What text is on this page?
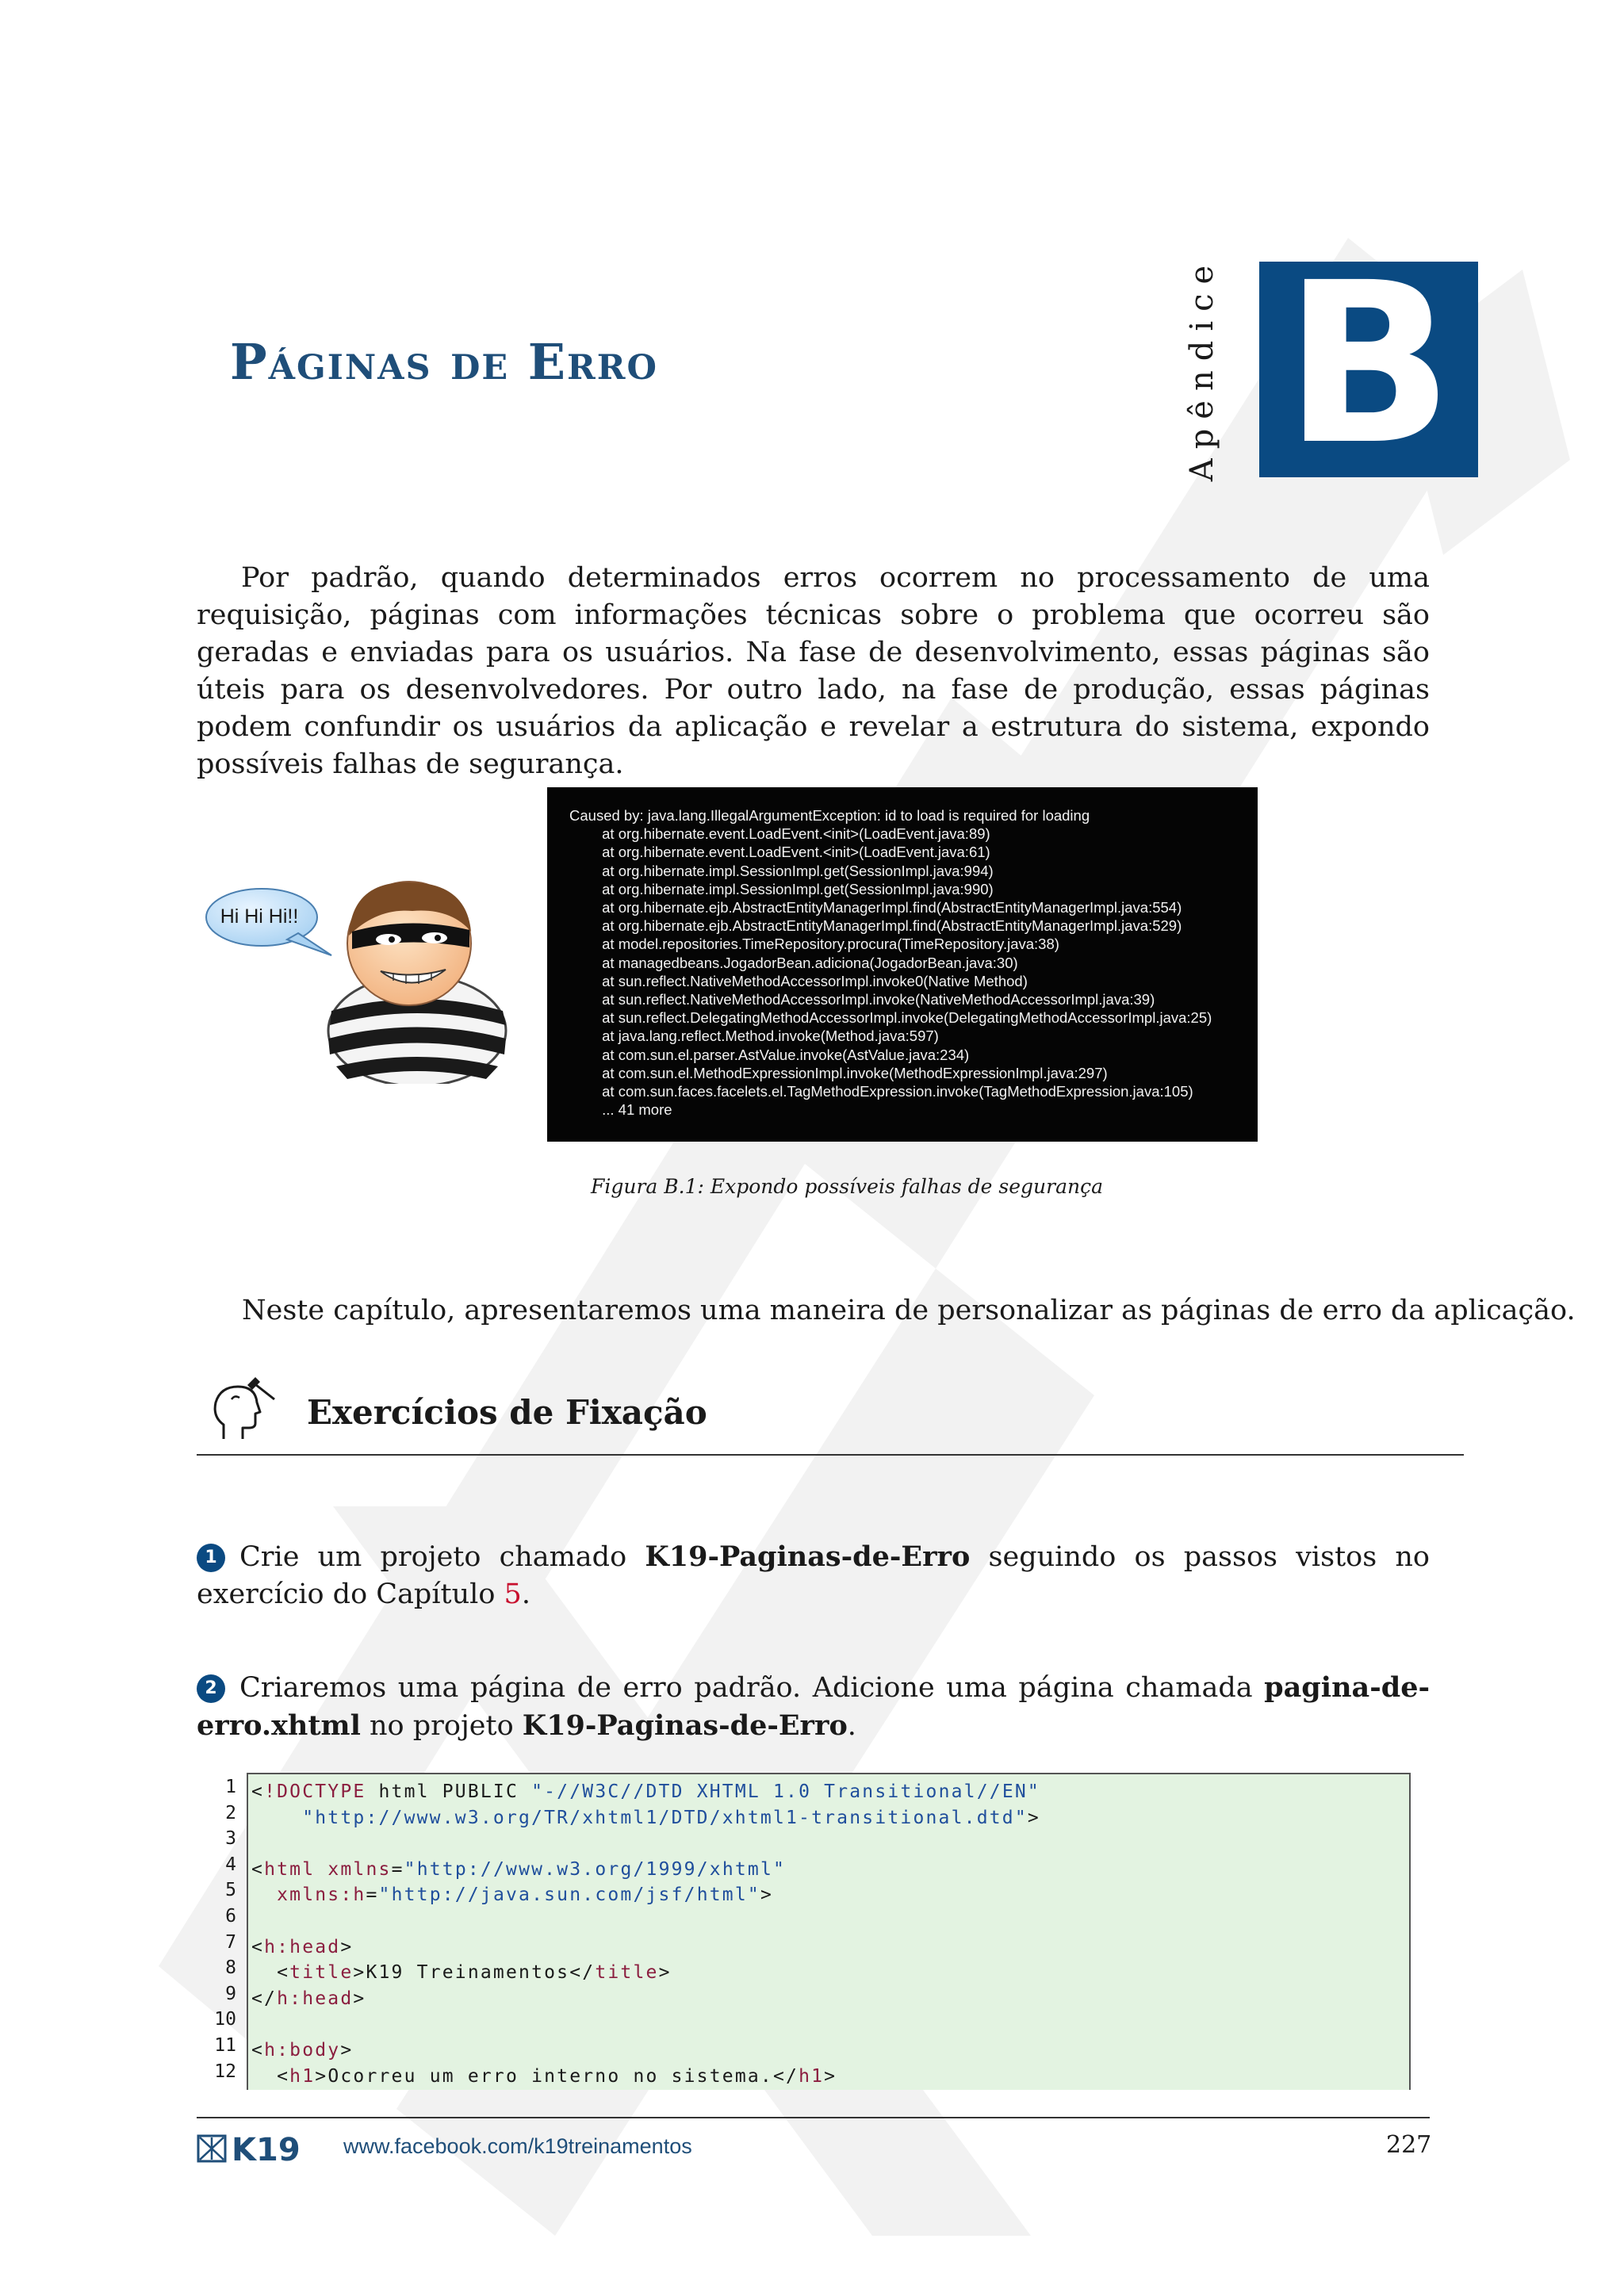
Páginas de Erro	Apêndice B
Por padrão, quando determinados erros ocorrem no processamento de uma requisição, páginas com informações técnicas sobre o problema que ocorreu são geradas e enviadas para os usuários. Na fase de desenvolvimento, essas páginas são úteis para os desenvolvedores. Por outro lado, na fase de produção, essas páginas podem confundir os usuários da aplicação e revelar a estrutura do sistema, expondo possíveis falhas de segurança.
Hi Hi Hi!!
Caused by: java.lang.IllegalArgumentException: id to load is required for loading
at org.hibernate.event.LoadEvent.<init>(LoadEvent.java:89)
at org.hibernate.event.LoadEvent.<init>(LoadEvent.java:61)
at org.hibernate.impl.SessionImpl.get(SessionImpl.java:994)
at org.hibernate.impl.SessionImpl.get(SessionImpl.java:990)
at org.hibernate.ejb.AbstractEntityManagerImpl.find(AbstractEntityManagerImpl.java:554)
at org.hibernate.ejb.AbstractEntityManagerImpl.find(AbstractEntityManagerImpl.java:529)
at model.repositories.TimeRepository.procura(TimeRepository.java:38)
at managedbeans.JogadorBean.adiciona(JogadorBean.java:30)
at sun.reflect.NativeMethodAccessorImpl.invoke0(Native Method)
at sun.reflect.NativeMethodAccessorImpl.invoke(NativeMethodAccessorImpl.java:39)
at sun.reflect.DelegatingMethodAccessorImpl.invoke(DelegatingMethodAccessorImpl.java:25)
at java.lang.reflect.Method.invoke(Method.java:597)
at com.sun.el.parser.AstValue.invoke(AstValue.java:234)
at com.sun.el.MethodExpressionImpl.invoke(MethodExpressionImpl.java:297)
at com.sun.faces.facelets.el.TagMethodExpression.invoke(TagMethodExpression.java:105)
... 41 more
Figura B.1: Expondo possíveis falhas de segurança
Neste capítulo, apresentaremos uma maneira de personalizar as páginas de erro da aplicação.
Exercícios de Fixação
1 Crie um projeto chamado K19-Paginas-de-Erro seguindo os passos vistos no exercício do Capítulo 5.
2 Criaremos uma página de erro padrão. Adicione uma página chamada pagina-de-erro.xhtml no projeto K19-Paginas-de-Erro.
1
2
3
4
5
6
7
8
9
10
11
12
<!DOCTYPE html PUBLIC "-//W3C//DTD XHTML 1.0 Transitional//EN"
"http://www.w3.org/TR/xhtml1/DTD/xhtml1-transitional.dtd">

<html xmlns="http://www.w3.org/1999/xhtml"
xmlns:h="http://java.sun.com/jsf/html">

<h:head>
<title>K19 Treinamentos</title>
</h:head>

<h:body>
<h1>Ocorreu um erro interno no sistema.</h1>
K19 www.facebook.com/k19treinamentos	227
